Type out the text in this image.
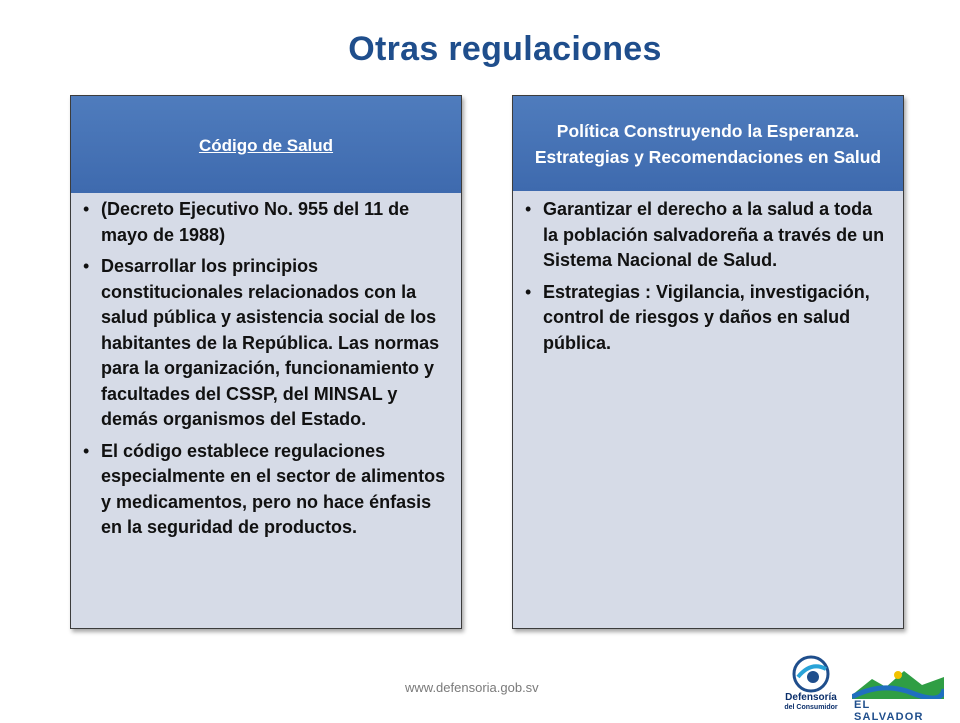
Otras regulaciones
Código de Salud
• (Decreto Ejecutivo No. 955 del 11 de mayo de 1988)
• Desarrollar los principios constitucionales relacionados con la salud pública y asistencia social de los habitantes de la República. Las normas para la organización, funcionamiento y facultades del CSSP, del MINSAL y demás organismos del Estado.
• El código establece regulaciones especialmente en el sector de alimentos y medicamentos, pero no hace énfasis en la seguridad de productos.
Política Construyendo la Esperanza. Estrategias y Recomendaciones en Salud
• Garantizar el derecho a la salud a toda la población salvadoreña a través de un Sistema Nacional de Salud.
• Estrategias : Vigilancia, investigación, control de riesgos y daños en salud pública.
www.defensoria.gob.sv
Defensoría
del Consumidor	EL SALVADOR
